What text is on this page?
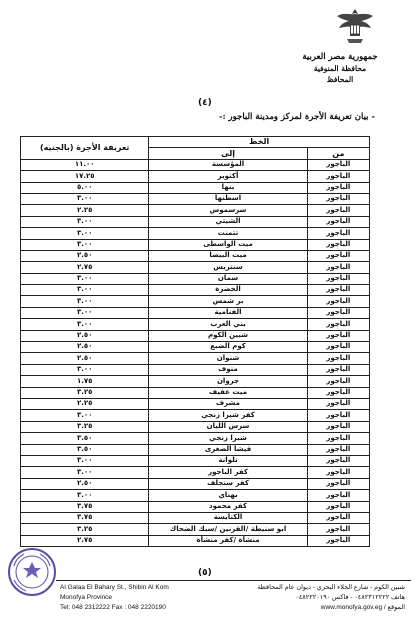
جمهورية مصر العربية
محافظة المنوفية
المحافظ
(٤)
- بيان تعريفة الأجرة لمركز ومدينة الباجور :-
الخط		تعريفة الأجرة (بالجنيه)
من	إلى	
الباجور	المؤسسة	١١.٠٠
الباجور	أكتوبر	١٧.٢٥
الباجور	بنها	٥.٠٠
الباجور	اسطنها	٣.٠٠
الباجور	سرسموس	٢.٢٥
الباجور	الشيتي	٣.٠٠
الباجور	تتمنت	٣.٠٠
الباجور	ميت الواسطى	٣.٠٠
الباجور	ميت البيضا	٢.٥٠
الباجور	سنتريس	٢.٧٥
الباجور	سمان	٣.٠٠
الباجور	الخضرة	٣.٠٠
الباجور	بر شمس	٣.٠٠
الباجور	الفنامية	٣.٠٠
الباجور	بني العرب	٣.٠٠
الباجور	شبين الكوم	٢.٥٠
الباجور	كوم الضبع	٢.٥٠
الباجور	شنوان	٢.٥٠
الباجور	منوف	٣.٠٠
الباجور	جروان	١.٧٥
الباجور	ميت عفيف	٣.٢٥
الباجور	مشرف	٢.٢٥
الباجور	كفر شبرا زنجي	٣.٠٠
الباجور	سرس الليان	٣.٢٥
الباجور	شبرا زنجي	٣.٥٠
الباجور	قيشا الصغرى	٣.٥٠
الباجور	تلوانة	٣.٠٠
الباجور	كفر الباجور	٣.٠٠
الباجور	كفر سنجلف	٢.٥٠
الباجور	بهناي	٣.٠٠
الباجور	كفر محمود	٣.٧٥
الباجور	الكنايسة	٣.٧٥
الباجور	ابو سنيطة /القرنين /سبك الضحاك	٣.٢٥
الباجور	منشأة /كفر منشأة	٢.٧٥
(٥)
Al Galaa El Bahary St., Shibin Al Kom
Monofya Province
Tel: 048 2312222 Fax : 048 2220190
شبين الكوم - شارع الجلاء البحري - ديوان عام المحافظة
هاتف ٠٤٨٢٣١٢٢٢٢ - فاكس ٠٤٨٢٢٢٠١٩٠
الموقع / www.monofya.gov.eg
